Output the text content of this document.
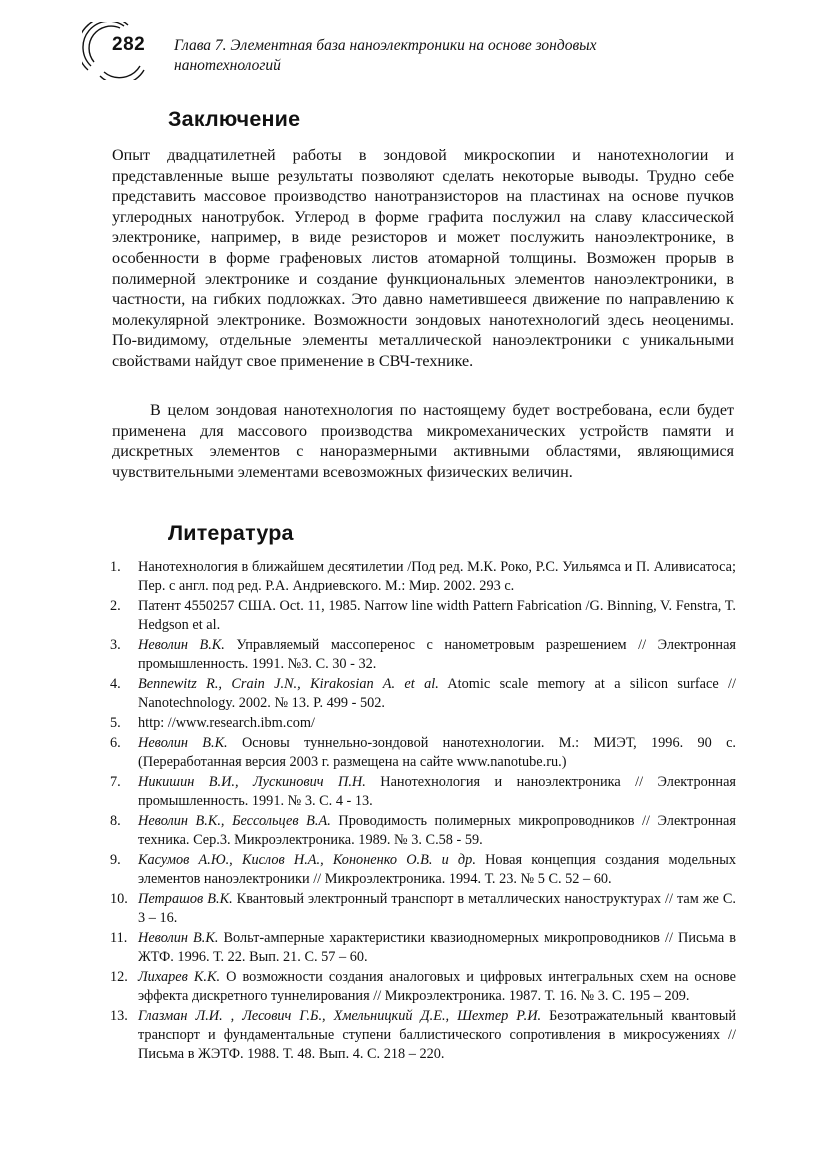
282 Глава 7. Элементная база наноэлектроники на основе зондовых нанотехнологий
Заключение
Опыт двадцатилетней работы в зондовой микроскопии и нанотехнологии и представленные выше результаты позволяют сделать некоторые выводы. Трудно себе представить массовое производство нанотранзисторов на пластинах на основе пучков углеродных нанотрубок. Углерод в форме графита послужил на славу классической электронике, например, в виде резисторов и может послужить наноэлектронике, в особенности в форме графеновых листов атомарной толщины. Возможен прорыв в полимерной электронике и создание функциональных элементов наноэлектроники, в частности, на гибких подложках. Это давно наметившееся движение по направлению к молекулярной электронике. Возможности зондовых нанотехнологий здесь неоценимы. По-видимому, отдельные элементы металлической наноэлектроники с уникальными свойствами найдут свое применение в СВЧ-технике.
В целом зондовая нанотехнология по настоящему будет востребована, если будет применена для массового производства микромеханических устройств памяти и дискретных элементов с наноразмерными активными областями, являющимися чувствительными элементами всевозможных физических величин.
Литература
1.	Нанотехнология в ближайшем десятилетии /Под ред. М.К. Роко, Р.С. Уильямса и П. Аливисатоса; Пер. с англ. под ред. Р.А. Андриевского. М.: Мир. 2002. 293 с.
2.	Патент 4550257 США. Oct. 11, 1985. Narrow line width Pattern Fabrication /G. Binning, V. Fenstra, T. Hedgson et al.
3.	Неволин В.К. Управляемый массоперенос с нанометровым разрешением // Электронная промышленность. 1991. №3. С. 30 - 32.
4.	Bennewitz R., Crain J.N., Kirakosian A. et al. Atomic scale memory at a silicon surface // Nanotechnology. 2002. № 13. P. 499 - 502.
5.	http: //www.research.ibm.com/
6.	Неволин В.К. Основы туннельно-зондовой нанотехнологии. М.: МИЭТ, 1996. 90 с. (Переработанная версия 2003 г. размещена на сайте www.nanotube.ru.)
7.	Никишин В.И., Лускинович П.Н. Нанотехнология и наноэлектроника // Электронная промышленность. 1991. № 3. С. 4 - 13.
8.	Неволин В.К., Бессольцев В.А. Проводимость полимерных микропроводников // Электронная техника. Сер.3. Микроэлектроника. 1989. № 3. С.58 - 59.
9.	Касумов А.Ю., Кислов Н.А., Кононенко О.В. и др. Новая концепция создания модельных элементов наноэлектроники // Микроэлектроника. 1994. Т. 23. № 5 С. 52 – 60.
10. Петрашов В.К. Квантовый электронный транспорт в металлических наноструктурах // там же С. 3 – 16.
11. Неволин В.К. Вольт-амперные характеристики квазиодномерных микропроводников // Письма в ЖТФ. 1996. Т. 22. Вып. 21. С. 57 – 60.
12. Лихарев К.К. О возможности создания аналоговых и цифровых интегральных схем на основе эффекта дискретного туннелирования // Микроэлектроника. 1987. Т. 16. № 3. С. 195 – 209.
13. Глазман Л.И. , Лесович Г.Б., Хмельницкий Д.Е., Шехтер Р.И. Безотражательный квантовый транспорт и фундаментальные ступени баллистического сопротивления в микросужениях // Письма в ЖЭТФ. 1988. Т. 48. Вып. 4. С. 218 – 220.
